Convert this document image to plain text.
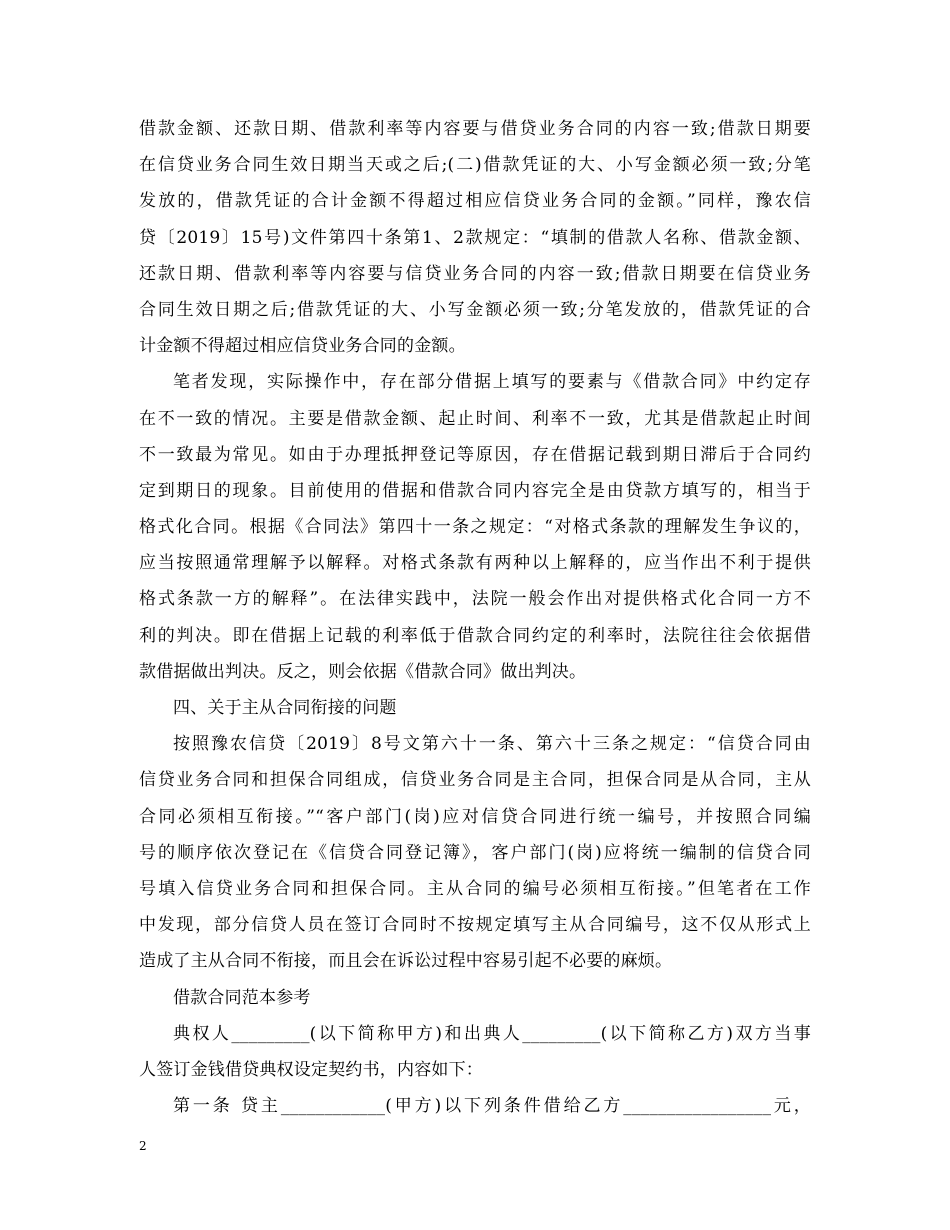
借款金额、还款日期、借款利率等内容要与借贷业务合同的内容一致;借款日期要
在信贷业务合同生效日期当天或之后;(二)借款凭证的大、小写金额必须一致;分笔
发放的，借款凭证的合计金额不得超过相应信贷业务合同的金额。”同样，豫农信
贷〔2019〕15号)文件第四十条第1、2款规定：“填制的借款人名称、借款金额、
还款日期、借款利率等内容要与信贷业务合同的内容一致;借款日期要在信贷业务
合同生效日期之后;借款凭证的大、小写金额必须一致;分笔发放的，借款凭证的合
计金额不得超过相应信贷业务合同的金额。
笔者发现，实际操作中，存在部分借据上填写的要素与《借款合同》中约定存
在不一致的情况。主要是借款金额、起止时间、利率不一致，尤其是借款起止时间
不一致最为常见。如由于办理抵押登记等原因，存在借据记载到期日滞后于合同约
定到期日的现象。目前使用的借据和借款合同内容完全是由贷款方填写的，相当于
格式化合同。根据《合同法》第四十一条之规定：“对格式条款的理解发生争议的，
应当按照通常理解予以解释。对格式条款有两种以上解释的，应当作出不利于提供
格式条款一方的解释”。在法律实践中，法院一般会作出对提供格式化合同一方不
利的判决。即在借据上记载的利率低于借款合同约定的利率时，法院往往会依据借
款借据做出判决。反之，则会依据《借款合同》做出判决。
四、关于主从合同衔接的问题
按照豫农信贷〔2019〕8号文第六十一条、第六十三条之规定：“信贷合同由
信贷业务合同和担保合同组成，信贷业务合同是主合同，担保合同是从合同，主从
合同必须相互衔接。”“客户部门(岗)应对信贷合同进行统一编号，并按照合同编
号的顺序依次登记在《信贷合同登记簿》，客户部门(岗)应将统一编制的信贷合同
号填入信贷业务合同和担保合同。主从合同的编号必须相互衔接。”但笔者在工作
中发现，部分信贷人员在签订合同时不按规定填写主从合同编号，这不仅从形式上
造成了主从合同不衔接，而且会在诉讼过程中容易引起不必要的麻烦。
借款合同范本参考
典权人_________(以下简称甲方)和出典人_________(以下简称乙方)双方当事
人签订金钱借贷典权设定契约书，内容如下：
第一条 贷主____________(甲方)以下列条件借给乙方_________________元，
2
